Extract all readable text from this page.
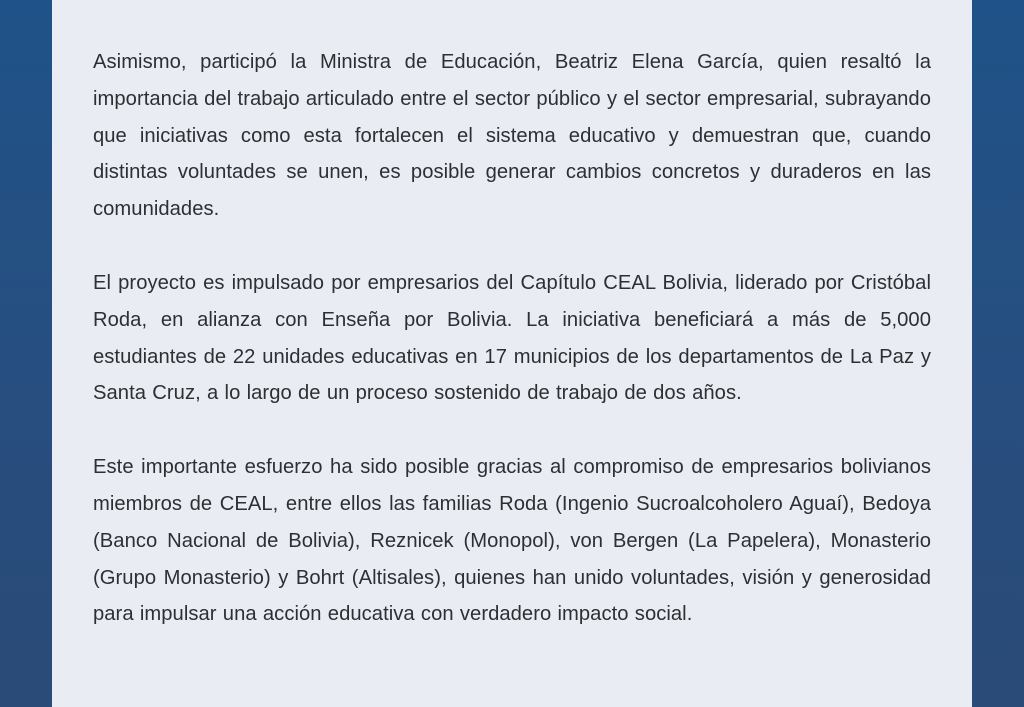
Asimismo, participó la Ministra de Educación, Beatriz Elena García, quien resaltó la importancia del trabajo articulado entre el sector público y el sector empresarial, subrayando que iniciativas como esta fortalecen el sistema educativo y demuestran que, cuando distintas voluntades se unen, es posible generar cambios concretos y duraderos en las comunidades.

El proyecto es impulsado por empresarios del Capítulo CEAL Bolivia, liderado por Cristóbal Roda, en alianza con Enseña por Bolivia. La iniciativa beneficiará a más de 5,000 estudiantes de 22 unidades educativas en 17 municipios de los departamentos de La Paz y Santa Cruz, a lo largo de un proceso sostenido de trabajo de dos años.

Este importante esfuerzo ha sido posible gracias al compromiso de empresarios bolivianos miembros de CEAL, entre ellos las familias Roda (Ingenio Sucroalcoholero Aguaí), Bedoya (Banco Nacional de Bolivia), Reznicek (Monopol), von Bergen (La Papelera), Monasterio (Grupo Monasterio) y Bohrt (Altisales), quienes han unido voluntades, visión y generosidad para impulsar una acción educativa con verdadero impacto social.
